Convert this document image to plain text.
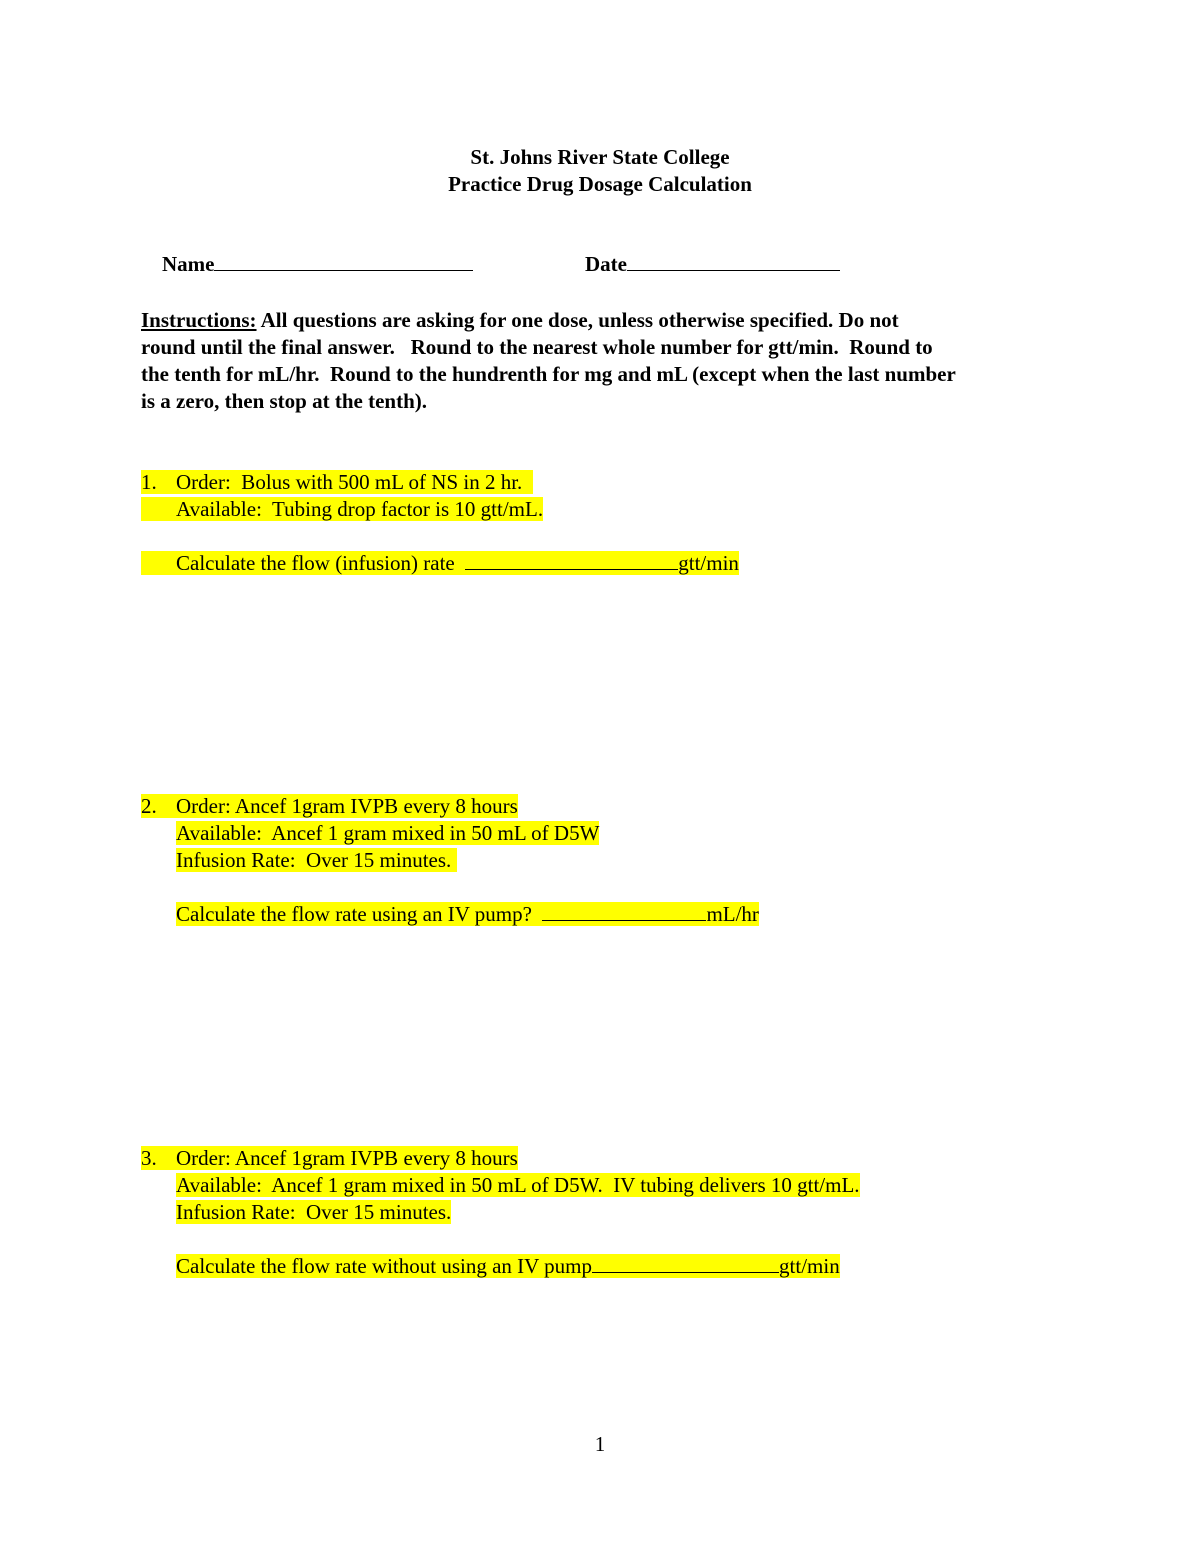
St. Johns River State College
Practice Drug Dosage Calculation

Name
	Date

Instructions: All questions are asking for one dose, unless otherwise specified. Do not
round until the final answer.   Round to the nearest whole number for gtt/min.  Round to
the tenth for mL/hr.  Round to the hundrenth for mg and mL (except when the last number
is a zero, then stop at the tenth).
1. Order:  Bolus with 500 mL of NS in 2 hr.
Available:  Tubing drop factor is 10 gtt/mL.
Calculate the flow (infusion) rate	gtt/min
2. Order: Ancef 1gram IVPB every 8 hours
Available:  Ancef 1 gram mixed in 50 mL of D5W
Infusion Rate:  Over 15 minutes.
Calculate the flow rate using an IV pump?	mL/hr
3. Order: Ancef 1gram IVPB every 8 hours
Available:  Ancef 1 gram mixed in 50 mL of D5W.  IV tubing delivers 10 gtt/mL.
Infusion Rate:  Over 15 minutes.
Calculate the flow rate without using an IV pump	gtt/min
1
